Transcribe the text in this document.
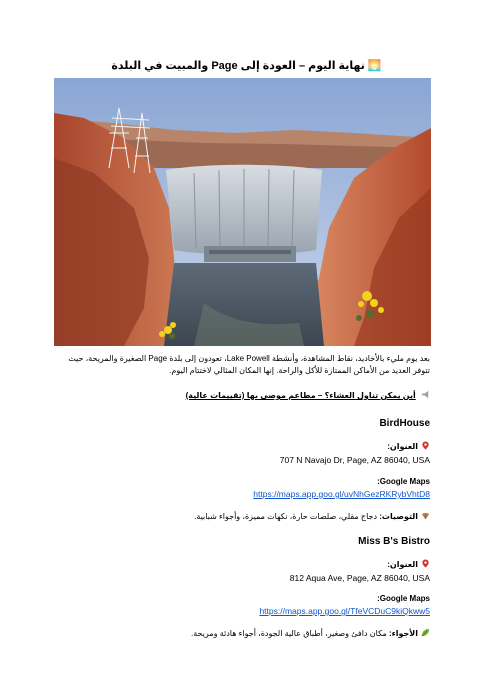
🌅 نهاية اليوم – العودة إلى Page والمبيت في البلدة
بعد يوم مليء بالأخاديد، نقاط المشاهدة، وأنشطة Lake Powell، تعودون إلى بلدة Page الصغيرة والمريحة، حيث تتوفر العديد من الأماكن الممتازة للأكل والراحة. إنها المكان المثالي لاختتام اليوم.
أين يمكن تناول العشاء؟ – مطاعم موصى بها (تقييمات عالية)
BirdHouse
العنوان:
707 N Navajo Dr, Page, AZ 86040, USA
Google Maps:
https://maps.app.goo.gl/uvNhGezRKRybVhtD8
التوصيات: دجاج مقلي، صلصات حارة، نكهات مميزة، وأجواء شبابية.
Miss B's Bistro
العنوان:
812 Aqua Ave, Page, AZ 86040, USA
Google Maps:
https://maps.app.goo.gl/TfeVCDuC9kiQkww5
الأجواء: مكان دافئ وصغير، أطباق عالية الجودة، أجواء هادئة ومريحة.
